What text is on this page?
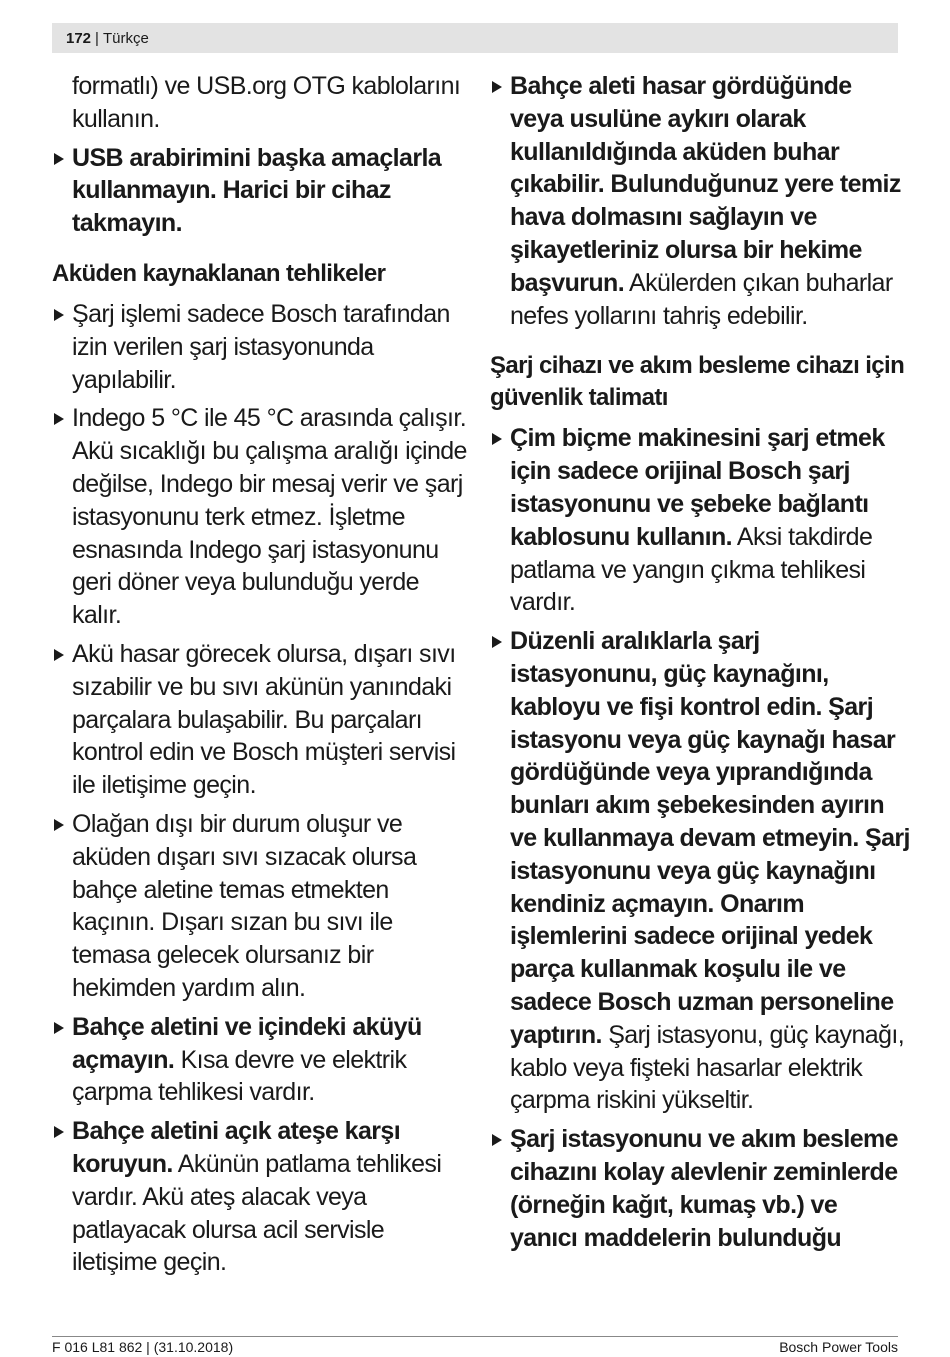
172 | Türkçe
formatlı) ve USB.org OTG kablolarını kullanın.
USB arabirimini başka amaçlarla kullanmayın. Harici bir cihaz takmayın.
Aküden kaynaklanan tehlikeler
Şarj işlemi sadece Bosch tarafından izin verilen şarj istasyonunda yapılabilir.
Indego 5 °C ile 45 °C arasında çalışır. Akü sıcaklığı bu çalışma aralığı içinde değilse, Indego bir mesaj verir ve şarj istasyonunu terk etmez. İşletme esnasında Indego şarj istasyonunu geri döner veya bulunduğu yerde kalır.
Akü hasar görecek olursa, dışarı sıvı sızabilir ve bu sıvı akünün yanındaki parçalara bulaşabilir. Bu parçaları kontrol edin ve Bosch müşteri servisi ile iletişime geçin.
Olağan dışı bir durum oluşur ve aküden dışarı sıvı sızacak olursa bahçe aletine temas etmekten kaçının. Dışarı sızan bu sıvı ile temasa gelecek olursanız bir hekimden yardım alın.
Bahçe aletini ve içindeki aküyü açmayın. Kısa devre ve elektrik çarpma tehlikesi vardır.
Bahçe aletini açık ateşe karşı koruyun. Akünün patlama tehlikesi vardır. Akü ateş alacak veya patlayacak olursa acil servisle iletişime geçin.
Bahçe aleti hasar gördüğünde veya usulüne aykırı olarak kullanıldığında aküden buhar çıkabilir. Bulunduğunuz yere temiz hava dolmasını sağlayın ve şikayetleriniz olursa bir hekime başvurun. Akülerden çıkan buharlar nefes yollarını tahriş edebilir.
Şarj cihazı ve akım besleme cihazı için güvenlik talimatı
Çim biçme makinesini şarj etmek için sadece orijinal Bosch şarj istasyonunu ve şebeke bağlantı kablosunu kullanın. Aksi takdirde patlama ve yangın çıkma tehlikesi vardır.
Düzenli aralıklarla şarj istasyonunu, güç kaynağını, kabloyu ve fişi kontrol edin. Şarj istasyonu veya güç kaynağı hasar gördüğünde veya yıprandığında bunları akım şebekesinden ayırın ve kullanmaya devam etmeyin. Şarj istasyonunu veya güç kaynağını kendiniz açmayın. Onarım işlemlerini sadece orijinal yedek parça kullanmak koşulu ile ve sadece Bosch uzman personeline yaptırın. Şarj istasyonu, güç kaynağı, kablo veya fişteki hasarlar elektrik çarpma riskini yükseltir.
Şarj istasyonunu ve akım besleme cihazını kolay alevlenir zeminlerde (örneğin kağıt, kumaş vb.) ve yanıcı maddelerin bulunduğu
F 016 L81 862 | (31.10.2018)	Bosch Power Tools
